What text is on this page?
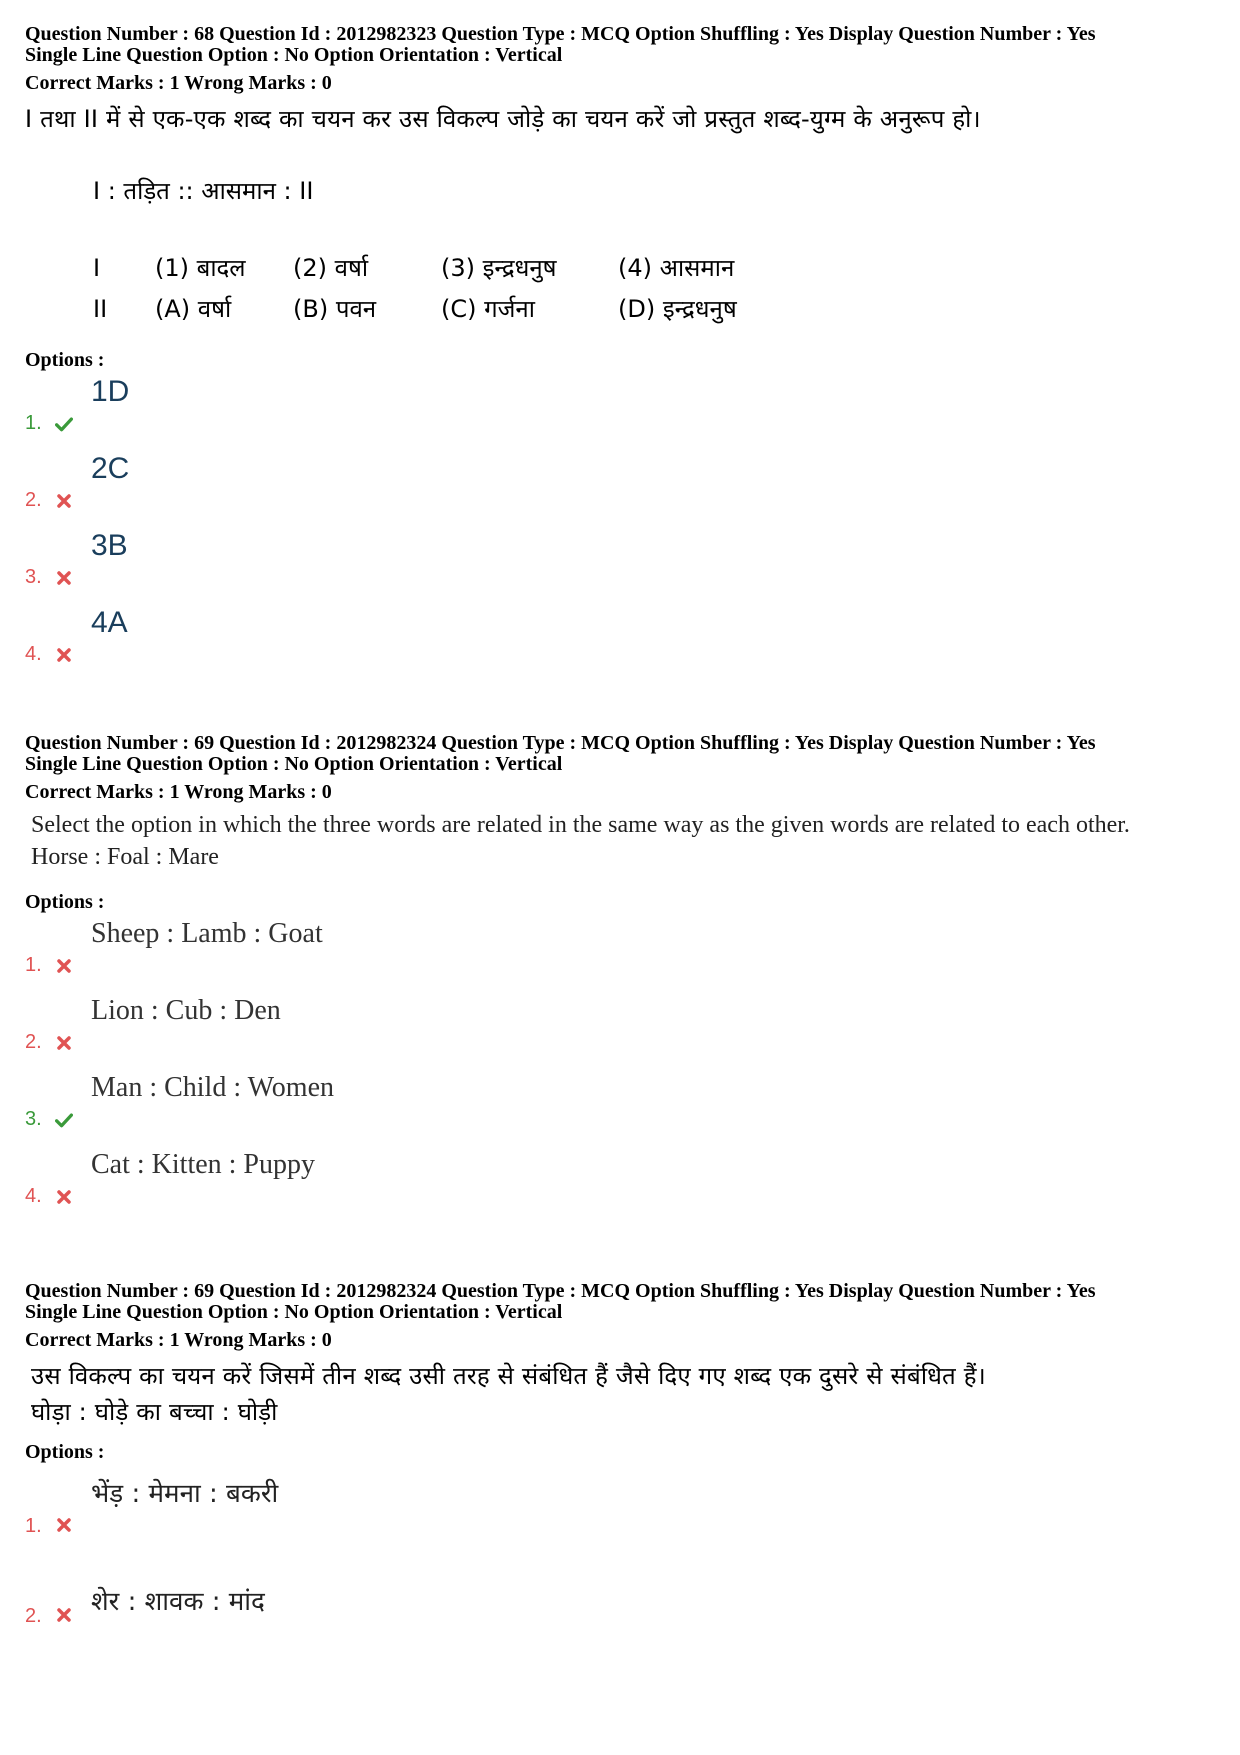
Question Number : 68 Question Id : 2012982323 Question Type : MCQ Option Shuffling : Yes Display Question Number : Yes
Single Line Question Option : No Option Orientation : Vertical
Correct Marks : 1 Wrong Marks : 0
I तथा II में से एक-एक शब्द का चयन कर उस विकल्प जोड़े का चयन करें जो प्रस्तुत शब्द-युग्म के अनुरूप हो।
I : तड़ित :: आसमान : II
I	(1) बादल	(2) वर्षा	(3) इन्द्रधनुष	(4) आसमान
II	(A) वर्षा	(B) पवन	(C) गर्जना	(D) इन्द्रधनुष
Options :
1.
1D
2.
2C
3.
3B
4.
4A
Question Number : 69 Question Id : 2012982324 Question Type : MCQ Option Shuffling : Yes Display Question Number : Yes
Single Line Question Option : No Option Orientation : Vertical
Correct Marks : 1 Wrong Marks : 0
Select the option in which the three words are related in the same way as the given words are related to each other.
Horse : Foal : Mare
Options :
1.
Sheep : Lamb : Goat
2.
Lion : Cub : Den
3.
Man : Child : Women
4.
Cat : Kitten : Puppy
Question Number : 69 Question Id : 2012982324 Question Type : MCQ Option Shuffling : Yes Display Question Number : Yes
Single Line Question Option : No Option Orientation : Vertical
Correct Marks : 1 Wrong Marks : 0
उस विकल्प का चयन करें जिसमें तीन शब्द उसी तरह से संबंधित हैं जैसे दिए गए शब्द एक दुसरे से संबंधित हैं।
घोड़ा : घोड़े का बच्चा : घोड़ी
Options :
1.
भेंड़ : मेमना : बकरी
2. शेर : शावक : मांद
